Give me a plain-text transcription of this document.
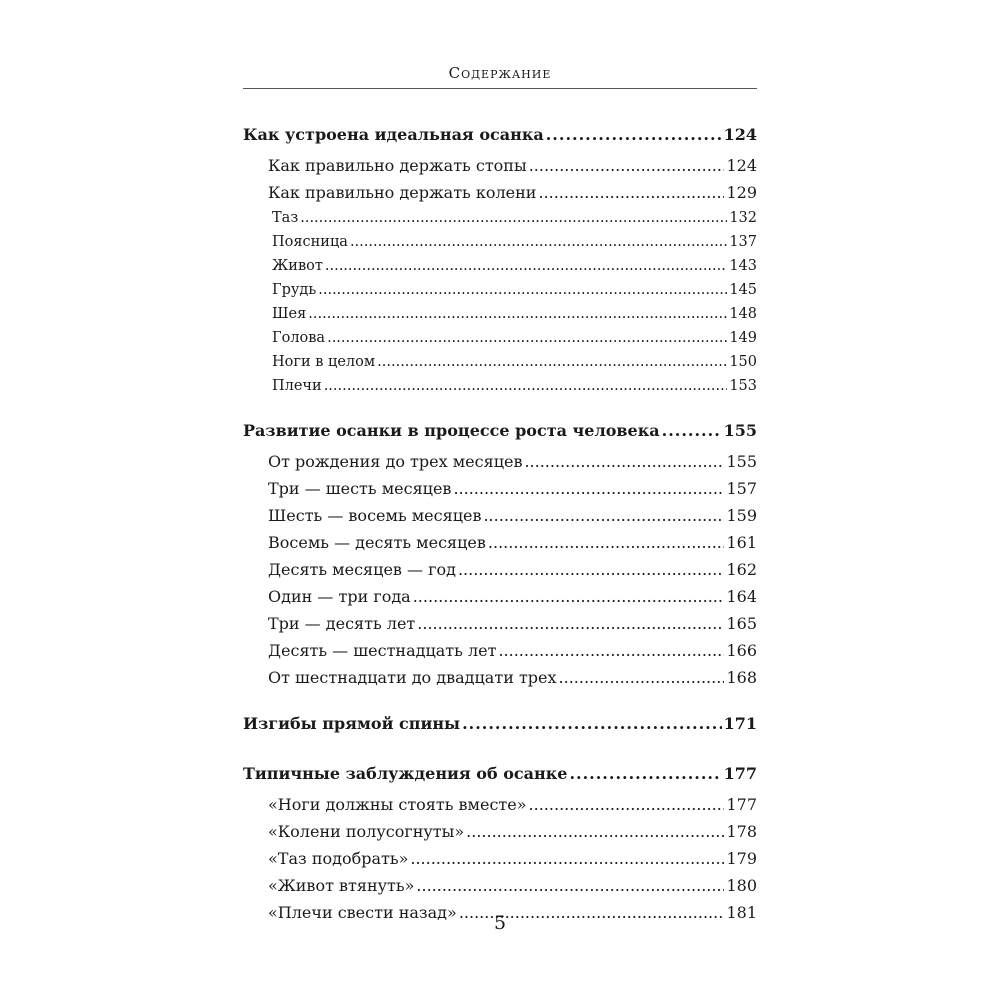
Содержание
Как устроена идеальная осанка .....	124
Как правильно держать стопы .....	124
Как правильно держать колени .....	129
Таз .....	132
Поясница .....	137
Живот .....	143
Грудь .....	145
Шея .....	148
Голова .....	149
Ноги в целом .....	150
Плечи .....	153
Развитие осанки в процессе роста человека .....	155
От рождения до трех месяцев .....	155
Три — шесть месяцев .....	157
Шесть — восемь месяцев .....	159
Восемь — десять месяцев .....	161
Десять месяцев — год .....	162
Один — три года .....	164
Три — десять лет .....	165
Десять — шестнадцать лет .....	166
От шестнадцати до двадцати трех .....	168
Изгибы прямой спины .....	171
Типичные заблуждения об осанке .....	177
«Ноги должны стоять вместе» .....	177
«Колени полусогнуты» .....	178
«Таз подобрать» .....	179
«Живот втянуть» .....	180
«Плечи свести назад» .....	181
5
